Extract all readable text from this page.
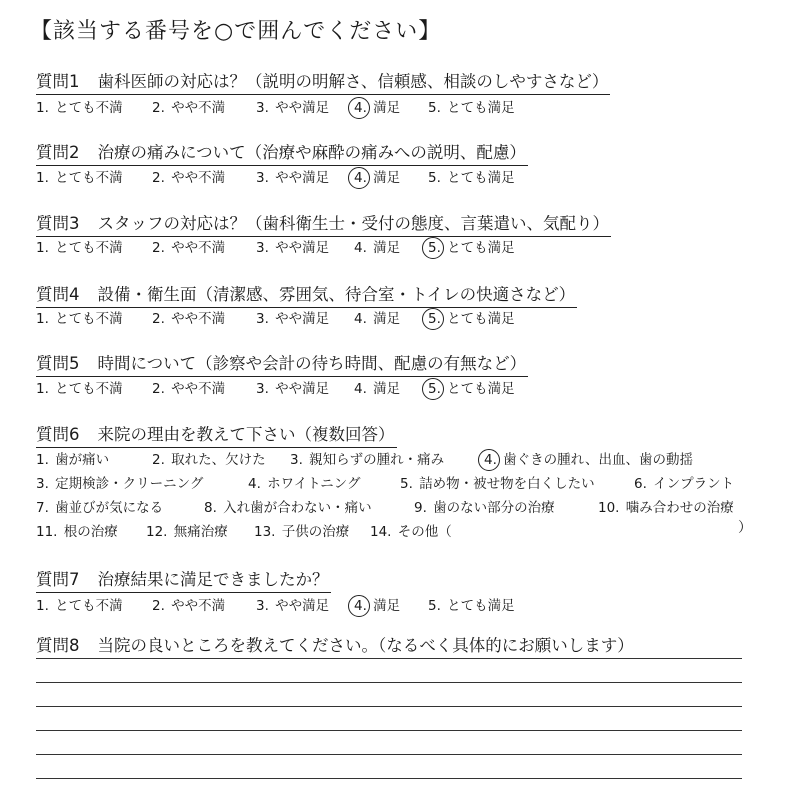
【該当する番号を○で囲んでください】
質問1 歯科医師の対応は？（説明の明解さ、信頼感、相談のしやすさなど）
1. とても不満 2. やや不満 3. やや満足 4. 満足 5. とても満足
質問2 治療の痛みについて（治療や麻酔の痛みへの説明、配慮）
1. とても不満 2. やや不満 3. やや満足 4. 満足 5. とても満足
質問3 スタッフの対応は？（歯科衛生士・受付の態度、言葉遣い、気配り）
1. とても不満 2. やや不満 3. やや満足 4. 満足 5. とても満足
質問4 設備・衛生面（清潔感、雰囲気、待合室・トイレの快適さなど）
1. とても不満 2. やや不満 3. やや満足 4. 満足 5. とても満足
質問5 時間について（診察や会計の待ち時間、配慮の有無など）
1. とても不満 2. やや不満 3. やや満足 4. 満足 5. とても満足
質問6 来院の理由を教えて下さい（複数回答）
1. 歯が痛い	2. 取れた、欠けた 3. 親知らずの腫れ・痛み	4. 歯ぐきの腫れ、出血、歯の動揺
3. 定期検診・クリーニング	4. ホワイトニング	5. 詰め物・被せ物を白くしたい	6. インプラント
7. 歯並びが気になる	8. 入れ歯が合わない・痛い	9. 歯のない部分の治療	10. 噛み合わせの治療
11. 根の治療 12. 無痛治療 13. 子供の治療 14. その他（	）
質問7 治療結果に満足できましたか？
1. とても不満 2. やや不満 3. やや満足 4. 満足 5. とても満足
質問8 当院の良いところを教えてください。（なるべく具体的にお願いします）
